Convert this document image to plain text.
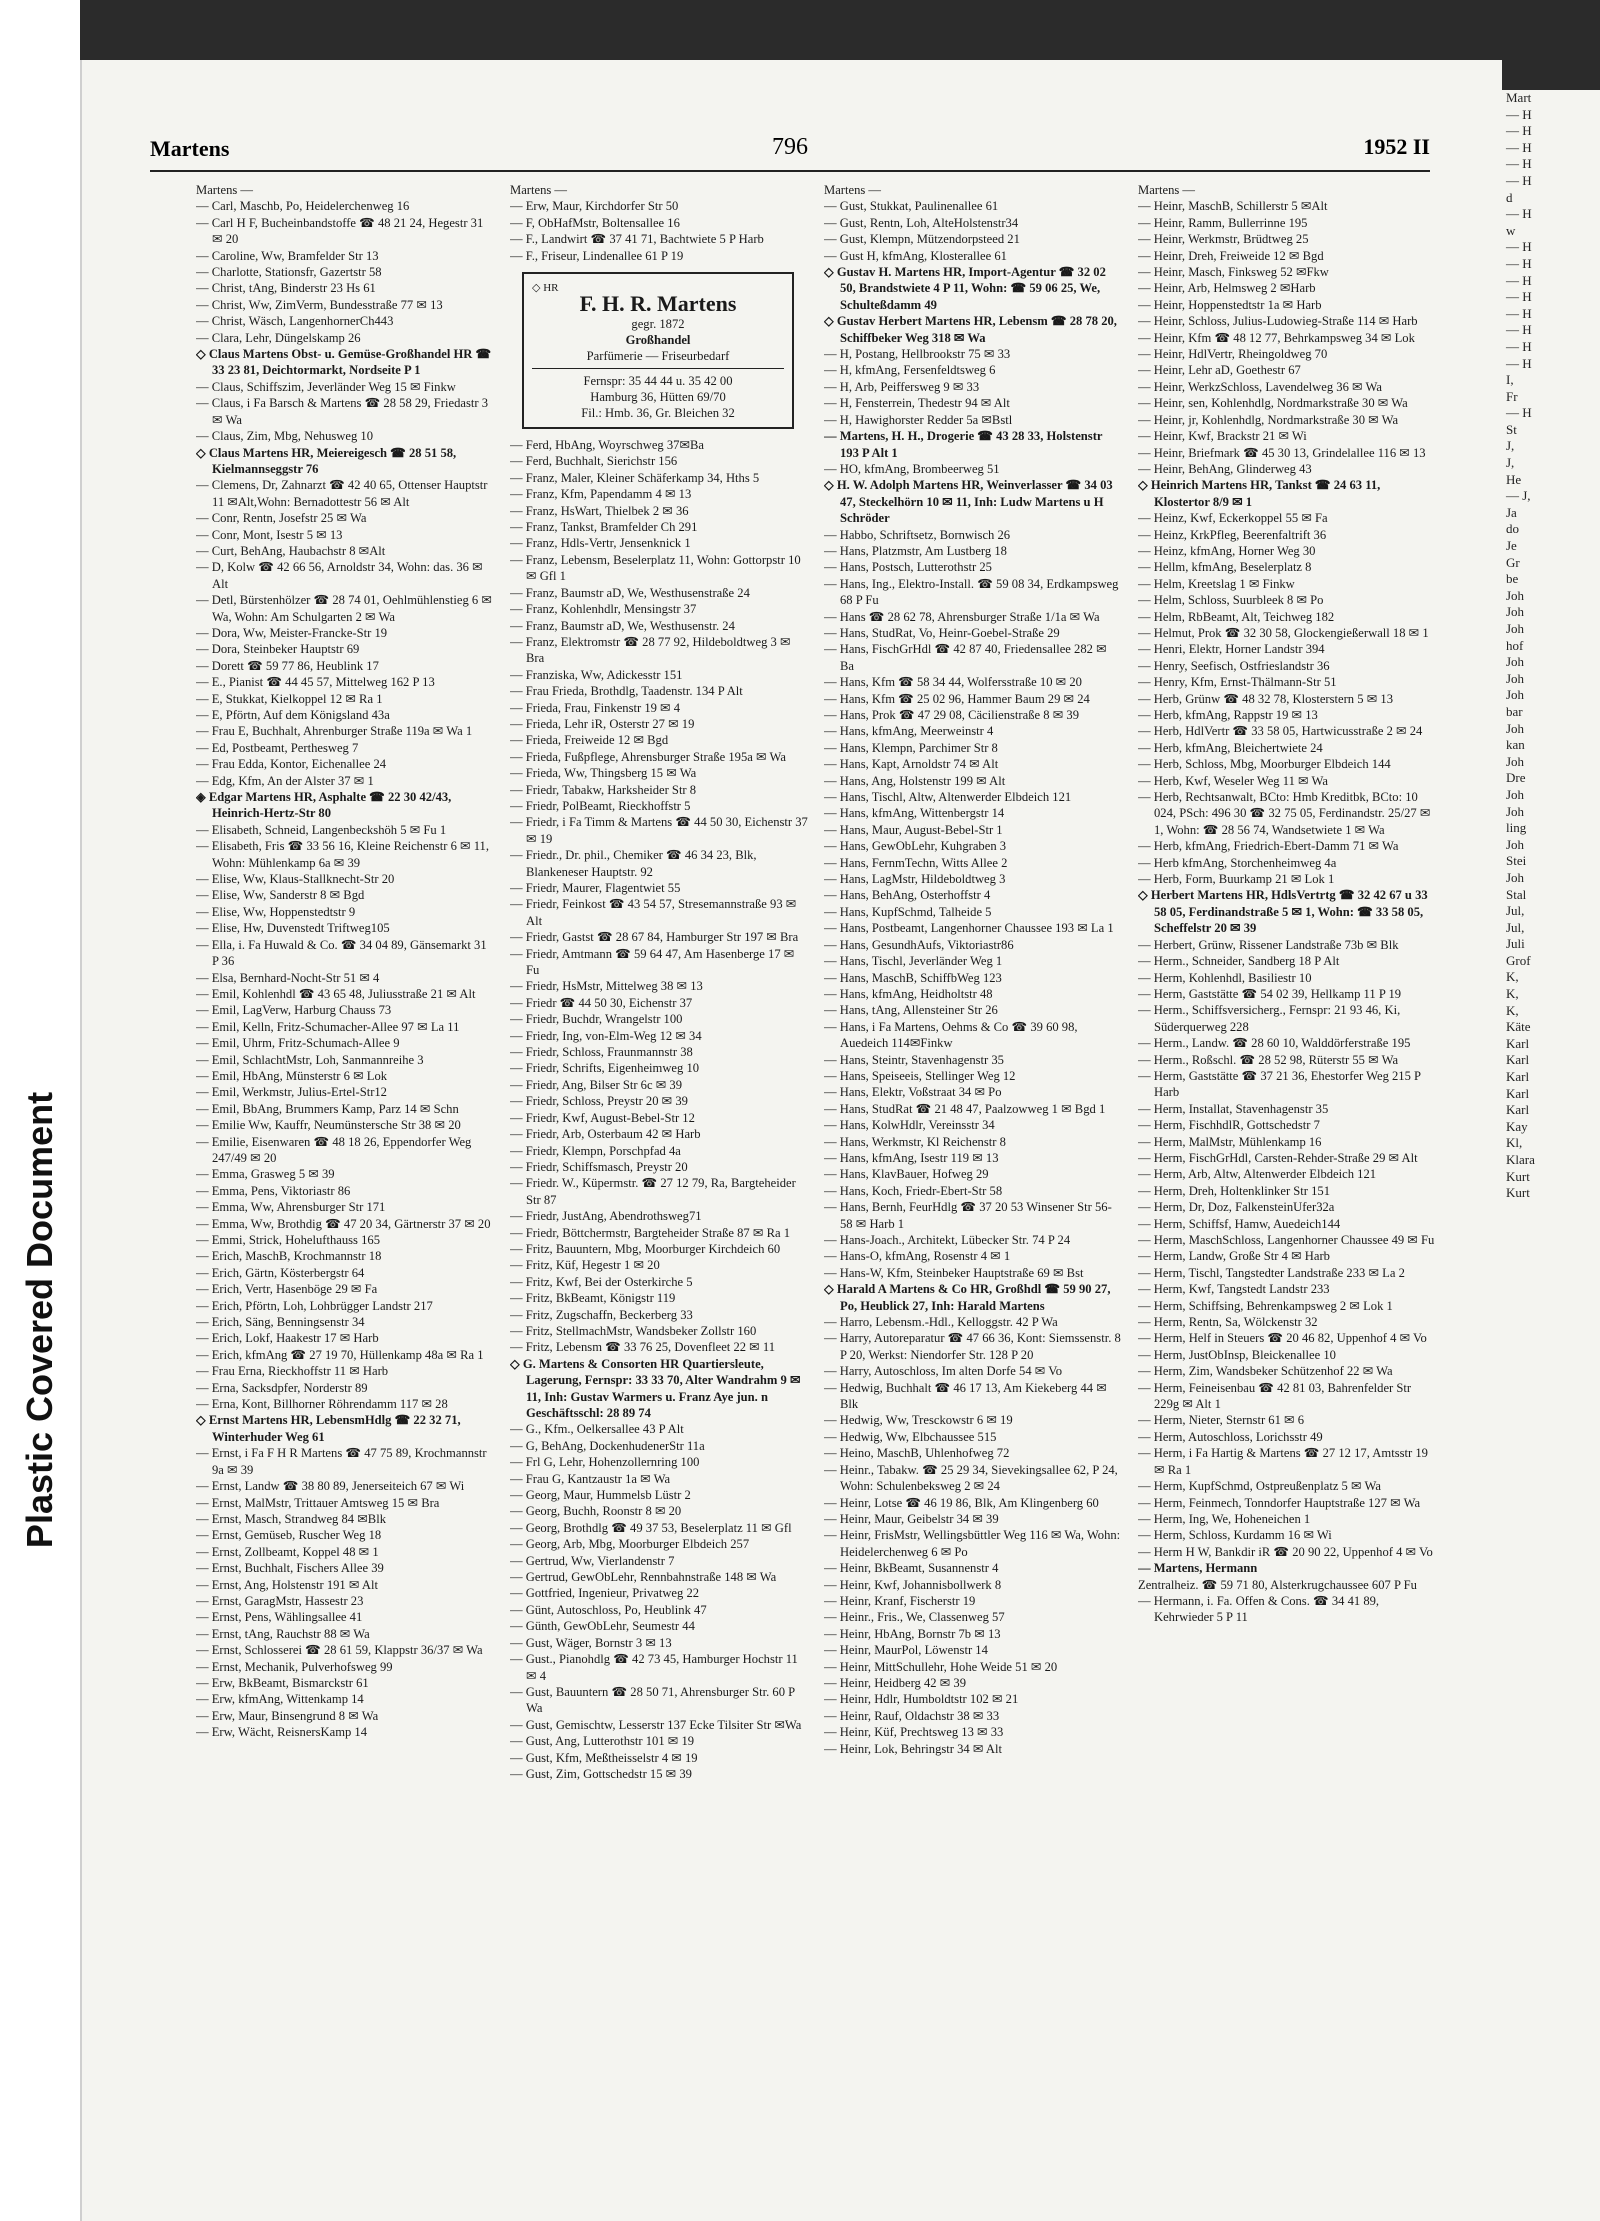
Plastic Covered Document
Mart
— H
— H
— H
— H
— H
d
— H
w
— H
— H
— H
— H
— H
— H
— H
— H
I,
Fr
— H
St
J,
J,
He
— J,
Ja
do
Je
Gr
be
Joh
Joh
Joh
hof
Joh
Joh
Joh
bar
Joh
kan
Joh
Dre
Joh
Joh
ling
Joh
Stei
Joh
Stal
Jul,
Jul,
Juli
Grof
K,
K,
K,
Käte
Karl
Karl
Karl
Karl
Karl
Kay
Kl,
Klara
Kurt
Kurt
Martens	796	1952 II
Martens —
— Carl, Maschb, Po, Heidelerchenweg 16
— Carl H F, Bucheinbandstoffe ☎ 48 21 24, Hegestr 31 ✉ 20
— Caroline, Ww, Bramfelder Str 13
— Charlotte, Stationsfr, Gazertstr 58
— Christ, tAng, Binderstr 23 Hs 61
— Christ, Ww, ZimVerm, Bundesstraße 77 ✉ 13
— Christ, Wäsch, LangenhornerCh443
— Clara, Lehr, Düngelskamp 26
◇ Claus Martens Obst- u. Gemüse-Großhandel HR ☎ 33 23 81, Deichtormarkt, Nordseite P 1
— Claus, Schiffszim, Jeverländer Weg 15 ✉ Finkw
— Claus, i Fa Barsch & Martens ☎ 28 58 29, Friedastr 3 ✉ Wa
— Claus, Zim, Mbg, Nehusweg 10
◇ Claus Martens HR, Meiereigesch ☎ 28 51 58, Kielmannseggstr 76
— Clemens, Dr, Zahnarzt ☎ 42 40 65, Ottenser Hauptstr 11 ✉Alt,Wohn: Bernadottestr 56 ✉ Alt
— Conr, Rentn, Josefstr 25 ✉ Wa
— Conr, Mont, Isestr 5 ✉ 13
— Curt, BehAng, Haubachstr 8 ✉Alt
— D, Kolw ☎ 42 66 56, Arnoldstr 34, Wohn: das. 36 ✉ Alt
— Detl, Bürstenhölzer ☎ 28 74 01, Oehlmühlenstieg 6 ✉ Wa, Wohn: Am Schulgarten 2 ✉ Wa
— Dora, Ww, Meister-Francke-Str 19
— Dora, Steinbeker Hauptstr 69
— Dorett ☎ 59 77 86, Heublink 17
— E., Pianist ☎ 44 45 57, Mittelweg 162 P 13
— E, Stukkat, Kielkoppel 12 ✉ Ra 1
— E, Pförtn, Auf dem Königsland 43a
— Frau E, Buchhalt, Ahrenburger Straße 119a ✉ Wa 1
— Ed, Postbeamt, Perthesweg 7
— Frau Edda, Kontor, Eichenallee 24
— Edg, Kfm, An der Alster 37 ✉ 1
◈ Edgar Martens HR, Asphalte ☎ 22 30 42/43, Heinrich-Hertz-Str 80
— Elisabeth, Schneid, Langenbeckshöh 5 ✉ Fu 1
— Elisabeth, Fris ☎ 33 56 16, Kleine Reichenstr 6 ✉ 11, Wohn: Mühlenkamp 6a ✉ 39
— Elise, Ww, Klaus-Stallknecht-Str 20
— Elise, Ww, Sanderstr 8 ✉ Bgd
— Elise, Ww, Hoppenstedtstr 9
— Elise, Hw, Duvenstedt Triftweg105
— Ella, i. Fa Huwald & Co. ☎ 34 04 89, Gänsemarkt 31 P 36
— Elsa, Bernhard-Nocht-Str 51 ✉ 4
— Emil, Kohlenhdl ☎ 43 65 48, Juliusstraße 21 ✉ Alt
— Emil, LagVerw, Harburg Chauss 73
— Emil, Kelln, Fritz-Schumacher-Allee 97 ✉ La 11
— Emil, Uhrm, Fritz-Schumach-Allee 9
— Emil, SchlachtMstr, Loh, Sanmannreihe 3
— Emil, HbAng, Münsterstr 6 ✉ Lok
— Emil, Werkmstr, Julius-Ertel-Str12
— Emil, BbAng, Brummers Kamp, Parz 14 ✉ Schn
— Emilie Ww, Kauffr, Neumünstersche Str 38 ✉ 20
— Emilie, Eisenwaren ☎ 48 18 26, Eppendorfer Weg 247/49 ✉ 20
— Emma, Grasweg 5 ✉ 39
— Emma, Pens, Viktoriastr 86
— Emma, Ww, Ahrensburger Str 171
— Emma, Ww, Brothdig ☎ 47 20 34, Gärtnerstr 37 ✉ 20
— Emmi, Strick, Hohelufthauss 165
— Erich, MaschB, Krochmannstr 18
— Erich, Gärtn, Kösterbergstr 64
— Erich, Vertr, Hasenböge 29 ✉ Fa
— Erich, Pförtn, Loh, Lohbrügger Landstr 217
— Erich, Säng, Benningsenstr 34
— Erich, Lokf, Haakestr 17 ✉ Harb
— Erich, kfmAng ☎ 27 19 70, Hüllenkamp 48a ✉ Ra 1
— Frau Erna, Rieckhoffstr 11 ✉ Harb
— Erna, Sacksdpfer, Norderstr 89
— Erna, Kont, Billhorner Röhrendamm 117 ✉ 28
◇ Ernst Martens HR, LebensmHdlg ☎ 22 32 71, Winterhuder Weg 61
— Ernst, i Fa F H R Martens ☎ 47 75 89, Krochmannstr 9a ✉ 39
— Ernst, Landw ☎ 38 80 89, Jenerseiteich 67 ✉ Wi
— Ernst, MalMstr, Trittauer Amtsweg 15 ✉ Bra
— Ernst, Masch, Strandweg 84 ✉Blk
— Ernst, Gemüseb, Ruscher Weg 18
— Ernst, Zollbeamt, Koppel 48 ✉ 1
— Ernst, Buchhalt, Fischers Allee 39
— Ernst, Ang, Holstenstr 191 ✉ Alt
— Ernst, GaragMstr, Hassestr 23
— Ernst, Pens, Wählingsallee 41
— Ernst, tAng, Rauchstr 88 ✉ Wa
— Ernst, Schlosserei ☎ 28 61 59, Klappstr 36/37 ✉ Wa
— Ernst, Mechanik, Pulverhofsweg 99
— Erw, BkBeamt, Bismarckstr 61
— Erw, kfmAng, Wittenkamp 14
— Erw, Maur, Binsengrund 8 ✉ Wa
— Erw, Wächt, ReisnersKamp 14
Martens —
— Erw, Maur, Kirchdorfer Str 50
— F, ObHafMstr, Boltensallee 16
— F., Landwirt ☎ 37 41 71, Bachtwiete 5 P Harb
— F., Friseur, Lindenallee 61 P 19
◇ HR
F. H. R. Martens
gegr. 1872
Großhandel
Parfümerie — Friseurbedarf
Fernspr: 35 44 44 u. 35 42 00
Hamburg 36, Hütten 69/70
Fil.: Hmb. 36, Gr. Bleichen 32
— Ferd, HbAng, Woyrschweg 37✉Ba
— Ferd, Buchhalt, Sierichstr 156
— Franz, Maler, Kleiner Schäferkamp 34, Hths 5
— Franz, Kfm, Papendamm 4 ✉ 13
— Franz, HsWart, Thielbek 2 ✉ 36
— Franz, Tankst, Bramfelder Ch 291
— Franz, Hdls-Vertr, Jensenknick 1
— Franz, Lebensm, Beselerplatz 11, Wohn: Gottorpstr 10 ✉ Gfl 1
— Franz, Baumstr aD, We, Westhusenstraße 24
— Franz, Kohlenhdlr, Mensingstr 37
— Franz, Baumstr aD, We, Westhusenstr. 24
— Franz, Elektromstr ☎ 28 77 92, Hildeboldtweg 3 ✉ Bra
— Franziska, Ww, Adickesstr 151
— Frau Frieda, Brothdlg, Taadenstr. 134 P Alt
— Frieda, Frau, Finkenstr 19 ✉ 4
— Frieda, Lehr iR, Osterstr 27 ✉ 19
— Frieda, Freiweide 12 ✉ Bgd
— Frieda, Fußpflege, Ahrensburger Straße 195a ✉ Wa
— Frieda, Ww, Thingsberg 15 ✉ Wa
— Friedr, Tabakw, Harksheider Str 8
— Friedr, PolBeamt, Rieckhoffstr 5
— Friedr, i Fa Timm & Martens ☎ 44 50 30, Eichenstr 37 ✉ 19
— Friedr., Dr. phil., Chemiker ☎ 46 34 23, Blk, Blankeneser Hauptstr. 92
— Friedr, Maurer, Flagentwiet 55
— Friedr, Feinkost ☎ 43 54 57, Stresemannstraße 93 ✉ Alt
— Friedr, Gastst ☎ 28 67 84, Hamburger Str 197 ✉ Bra
— Friedr, Amtmann ☎ 59 64 47, Am Hasenberge 17 ✉ Fu
— Friedr, HsMstr, Mittelweg 38 ✉ 13
— Friedr ☎ 44 50 30, Eichenstr 37
— Friedr, Buchdr, Wrangelstr 100
— Friedr, Ing, von-Elm-Weg 12 ✉ 34
— Friedr, Schloss, Fraunmannstr 38
— Friedr, Schrifts, Eigenheimweg 10
— Friedr, Ang, Bilser Str 6c ✉ 39
— Friedr, Schloss, Preystr 20 ✉ 39
— Friedr, Kwf, August-Bebel-Str 12
— Friedr, Arb, Osterbaum 42 ✉ Harb
— Friedr, Klempn, Porschpfad 4a
— Friedr, Schiffsmasch, Preystr 20
— Friedr. W., Küpermstr. ☎ 27 12 79, Ra, Bargteheider Str 87
— Friedr, JustAng, Abendrothsweg71
— Friedr, Böttchermstr, Bargteheider Straße 87 ✉ Ra 1
— Fritz, Bauuntern, Mbg, Moorburger Kirchdeich 60
— Fritz, Küf, Hegestr 1 ✉ 20
— Fritz, Kwf, Bei der Osterkirche 5
— Fritz, BkBeamt, Königstr 119
— Fritz, Zugschaffn, Beckerberg 33
— Fritz, StellmachMstr, Wandsbeker Zollstr 160
— Fritz, Lebensm ☎ 33 76 25, Dovenfleet 22 ✉ 11
◇ G. Martens & Consorten HR Quartiersleute, Lagerung, Fernspr: 33 33 70, Alter Wandrahm 9 ✉ 11, Inh: Gustav Warmers u. Franz Aye jun. n Geschäftsschl: 28 89 74
— G., Kfm., Oelkersallee 43 P Alt
— G, BehAng, DockenhudenerStr 11a
— Frl G, Lehr, Hohenzollernring 100
— Frau G, Kantzaustr 1a ✉ Wa
— Georg, Maur, Hummelsb Lüstr 2
— Georg, Buchh, Roonstr 8 ✉ 20
— Georg, Brothdlg ☎ 49 37 53, Beselerplatz 11 ✉ Gfl
— Georg, Arb, Mbg, Moorburger Elbdeich 257
— Gertrud, Ww, Vierlandenstr 7
— Gertrud, GewObLehr, Rennbahnstraße 148 ✉ Wa
— Gottfried, Ingenieur, Privatweg 22
— Günt, Autoschloss, Po, Heublink 47
— Günth, GewObLehr, Seumestr 44
— Gust, Wäger, Bornstr 3 ✉ 13
— Gust., Pianohdlg ☎ 42 73 45, Hamburger Hochstr 11 ✉ 4
— Gust, Bauuntern ☎ 28 50 71, Ahrensburger Str. 60 P Wa
— Gust, Gemischtw, Lesserstr 137 Ecke Tilsiter Str ✉Wa
— Gust, Ang, Lutterothstr 101 ✉ 19
— Gust, Kfm, Meßtheisselstr 4 ✉ 19
— Gust, Zim, Gottschedstr 15 ✉ 39
Martens —
— Gust, Stukkat, Paulinenallee 61
— Gust, Rentn, Loh, AlteHolstenstr34
— Gust, Klempn, Mützendorpsteed 21
— Gust H, kfmAng, Klosterallee 61
◇ Gustav H. Martens HR, Import-Agentur ☎ 32 02 50, Brandstwiete 4 P 11, Wohn: ☎ 59 06 25, We, Schulteßdamm 49
◇ Gustav Herbert Martens HR, Lebensm ☎ 28 78 20, Schiffbeker Weg 318 ✉ Wa
— H, Postang, Hellbrookstr 75 ✉ 33
— H, kfmAng, Fersenfeldtsweg 6
— H, Arb, Peiffersweg 9 ✉ 33
— H, Fensterrein, Thedestr 94 ✉ Alt
— H, Hawighorster Redder 5a ✉Bstl
— Martens, H. H., Drogerie ☎ 43 28 33, Holstenstr 193 P Alt 1
— HO, kfmAng, Brombeerweg 51
◇ H. W. Adolph Martens HR, Weinverlasser ☎ 34 03 47, Steckelhörn 10 ✉ 11, Inh: Ludw Martens u H Schröder
— Habbo, Schriftsetz, Bornwisch 26
— Hans, Platzmstr, Am Lustberg 18
— Hans, Postsch, Lutterothstr 25
— Hans, Ing., Elektro-Install. ☎ 59 08 34, Erdkampsweg 68 P Fu
— Hans ☎ 28 62 78, Ahrensburger Straße 1/1a ✉ Wa
— Hans, StudRat, Vo, Heinr-Goebel-Straße 29
— Hans, FischGrHdl ☎ 42 87 40, Friedensallee 282 ✉ Ba
— Hans, Kfm ☎ 58 34 44, Wolfersstraße 10 ✉ 20
— Hans, Kfm ☎ 25 02 96, Hammer Baum 29 ✉ 24
— Hans, Prok ☎ 47 29 08, Cäcilienstraße 8 ✉ 39
— Hans, kfmAng, Meerweinstr 4
— Hans, Klempn, Parchimer Str 8
— Hans, Kapt, Arnoldstr 74 ✉ Alt
— Hans, Ang, Holstenstr 199 ✉ Alt
— Hans, Tischl, Altw, Altenwerder Elbdeich 121
— Hans, kfmAng, Wittenbergstr 14
— Hans, Maur, August-Bebel-Str 1
— Hans, GewObLehr, Kuhgraben 3
— Hans, FernmTechn, Witts Allee 2
— Hans, LagMstr, Hildeboldtweg 3
— Hans, BehAng, Osterhoffstr 4
— Hans, KupfSchmd, Talheide 5
— Hans, Postbeamt, Langenhorner Chaussee 193 ✉ La 1
— Hans, GesundhAufs, Viktoriastr86
— Hans, Tischl, Jeverländer Weg 1
— Hans, MaschB, SchiffbWeg 123
— Hans, kfmAng, Heidholtstr 48
— Hans, tAng, Allensteiner Str 26
— Hans, i Fa Martens, Oehms & Co ☎ 39 60 98, Auedeich 114✉Finkw
— Hans, Steintr, Stavenhagenstr 35
— Hans, Speiseeis, Stellinger Weg 12
— Hans, Elektr, Voßstraat 34 ✉ Po
— Hans, StudRat ☎ 21 48 47, Paalzowweg 1 ✉ Bgd 1
— Hans, KolwHdlr, Vereinsstr 34
— Hans, Werkmstr, Kl Reichenstr 8
— Hans, kfmAng, Isestr 119 ✉ 13
— Hans, KlavBauer, Hofweg 29
— Hans, Koch, Friedr-Ebert-Str 58
— Hans, Bernh, FeurHdlg ☎ 37 20 53 Winsener Str 56-58 ✉ Harb 1
— Hans-Joach., Architekt, Lübecker Str. 74 P 24
— Hans-O, kfmAng, Rosenstr 4 ✉ 1
— Hans-W, Kfm, Steinbeker Hauptstraße 69 ✉ Bst
◇ Harald A Martens & Co HR, Großhdl ☎ 59 90 27, Po, Heublick 27, Inh: Harald Martens
— Harro, Lebensm.-Hdl., Kelloggstr. 42 P Wa
— Harry, Autoreparatur ☎ 47 66 36, Kont: Siemssenstr. 8 P 20, Werkst: Niendorfer Str. 128 P 20
— Harry, Autoschloss, Im alten Dorfe 54 ✉ Vo
— Hedwig, Buchhalt ☎ 46 17 13, Am Kiekeberg 44 ✉ Blk
— Hedwig, Ww, Tresckowstr 6 ✉ 19
— Hedwig, Ww, Elbchaussee 515
— Heino, MaschB, Uhlenhofweg 72
— Heinr., Tabakw. ☎ 25 29 34, Sievekingsallee 62, P 24, Wohn: Schulenbeksweg 2 ✉ 24
— Heinr, Lotse ☎ 46 19 86, Blk, Am Klingenberg 60
— Heinr, Maur, Geibelstr 34 ✉ 39
— Heinr, FrisMstr, Wellingsbüttler Weg 116 ✉ Wa, Wohn: Heidelerchenweg 6 ✉ Po
— Heinr, BkBeamt, Susannenstr 4
— Heinr, Kwf, Johannisbollwerk 8
— Heinr, Kranf, Fischerstr 19
— Heinr., Fris., We, Classenweg 57
— Heinr, HbAng, Bornstr 7b ✉ 13
— Heinr, MaurPol, Löwenstr 14
— Heinr, MittSchullehr, Hohe Weide 51 ✉ 20
— Heinr, Heidberg 42 ✉ 39
— Heinr, Hdlr, Humboldtstr 102 ✉ 21
— Heinr, Rauf, Oldachstr 38 ✉ 33
— Heinr, Küf, Prechtsweg 13 ✉ 33
— Heinr, Lok, Behringstr 34 ✉ Alt
Martens —
— Heinr, MaschB, Schillerstr 5 ✉Alt
— Heinr, Ramm, Bullerrinne 195
— Heinr, Werkmstr, Brüdtweg 25
— Heinr, Dreh, Freiweide 12 ✉ Bgd
— Heinr, Masch, Finksweg 52 ✉Fkw
— Heinr, Arb, Helmsweg 2 ✉Harb
— Heinr, Hoppenstedtstr 1a ✉ Harb
— Heinr, Schloss, Julius-Ludowieg-Straße 114 ✉ Harb
— Heinr, Kfm ☎ 48 12 77, Behrkampsweg 34 ✉ Lok
— Heinr, HdlVertr, Rheingoldweg 70
— Heinr, Lehr aD, Goethestr 67
— Heinr, WerkzSchloss, Lavendelweg 36 ✉ Wa
— Heinr, sen, Kohlenhdlg, Nordmarkstraße 30 ✉ Wa
— Heinr, jr, Kohlenhdlg, Nordmarkstraße 30 ✉ Wa
— Heinr, Kwf, Brackstr 21 ✉ Wi
— Heinr, Briefmark ☎ 45 30 13, Grindelallee 116 ✉ 13
— Heinr, BehAng, Glinderweg 43
◇ Heinrich Martens HR, Tankst ☎ 24 63 11, Klostertor 8/9 ✉ 1
— Heinz, Kwf, Eckerkoppel 55 ✉ Fa
— Heinz, KrkPfleg, Beerenfaltrift 36
— Heinz, kfmAng, Horner Weg 30
— Hellm, kfmAng, Beselerplatz 8
— Helm, Kreetslag 1 ✉ Finkw
— Helm, Schloss, Suurbleek 8 ✉ Po
— Helm, RbBeamt, Alt, Teichweg 182
— Helmut, Prok ☎ 32 30 58, Glockengießerwall 18 ✉ 1
— Henri, Elektr, Horner Landstr 394
— Henry, Seefisch, Ostfrieslandstr 36
— Henry, Kfm, Ernst-Thälmann-Str 51
— Herb, Grünw ☎ 48 32 78, Klosterstern 5 ✉ 13
— Herb, kfmAng, Rappstr 19 ✉ 13
— Herb, HdlVertr ☎ 33 58 05, Hartwicusstraße 2 ✉ 24
— Herb, kfmAng, Bleichertwiete 24
— Herb, Schloss, Mbg, Moorburger Elbdeich 144
— Herb, Kwf, Weseler Weg 11 ✉ Wa
— Herb, Rechtsanwalt, BCto: Hmb Kreditbk, BCto: 10 024, PSch: 496 30 ☎ 32 75 05, Ferdinandstr. 25/27 ✉ 1, Wohn: ☎ 28 56 74, Wandsetwiete 1 ✉ Wa
— Herb, kfmAng, Friedrich-Ebert-Damm 71 ✉ Wa
— Herb kfmAng, Storchenheimweg 4a
— Herb, Form, Buurkamp 21 ✉ Lok 1
◇ Herbert Martens HR, HdlsVertrtg ☎ 32 42 67 u 33 58 05, Ferdinandstraße 5 ✉ 1, Wohn: ☎ 33 58 05, Scheffelstr 20 ✉ 39
— Herbert, Grünw, Rissener Landstraße 73b ✉ Blk
— Herm., Schneider, Sandberg 18 P Alt
— Herm, Kohlenhdl, Basiliestr 10
— Herm, Gaststätte ☎ 54 02 39, Hellkamp 11 P 19
— Herm., Schiffsversicherg., Fernspr: 21 93 46, Ki, Süderquerweg 228
— Herm., Landw. ☎ 28 60 10, Walddörferstraße 195
— Herm., Roßschl. ☎ 28 52 98, Rüterstr 55 ✉ Wa
— Herm, Gaststätte ☎ 37 21 36, Ehestorfer Weg 215 P Harb
— Herm, Installat, Stavenhagenstr 35
— Herm, FischhdlR, Gottschedstr 7
— Herm, MalMstr, Mühlenkamp 16
— Herm, FischGrHdl, Carsten-Rehder-Straße 29 ✉ Alt
— Herm, Arb, Altw, Altenwerder Elbdeich 121
— Herm, Dreh, Holtenklinker Str 151
— Herm, Dr, Doz, FalkensteinUfer32a
— Herm, Schiffsf, Hamw, Auedeich144
— Herm, MaschSchloss, Langenhorner Chaussee 49 ✉ Fu
— Herm, Landw, Große Str 4 ✉ Harb
— Herm, Tischl, Tangstedter Landstraße 233 ✉ La 2
— Herm, Kwf, Tangstedt Landstr 233
— Herm, Schiffsing, Behrenkampsweg 2 ✉ Lok 1
— Herm, Rentn, Sa, Wölckenstr 32
— Herm, Helf in Steuers ☎ 20 46 82, Uppenhof 4 ✉ Vo
— Herm, JustObInsp, Bleickenallee 10
— Herm, Zim, Wandsbeker Schützenhof 22 ✉ Wa
— Herm, Feineisenbau ☎ 42 81 03, Bahrenfelder Str 229g ✉ Alt 1
— Herm, Nieter, Sternstr 61 ✉ 6
— Herm, Autoschloss, Lorichsstr 49
— Herm, i Fa Hartig & Martens ☎ 27 12 17, Amtsstr 19 ✉ Ra 1
— Herm, KupfSchmd, Ostpreußenplatz 5 ✉ Wa
— Herm, Feinmech, Tonndorfer Hauptstraße 127 ✉ Wa
— Herm, Ing, We, Hoheneichen 1
— Herm, Schloss, Kurdamm 16 ✉ Wi
— Herm H W, Bankdir iR ☎ 20 90 22, Uppenhof 4 ✉ Vo
— Martens, Hermann
Zentralheiz. ☎ 59 71 80, Alsterkrugchaussee 607 P Fu
— Hermann, i. Fa. Offen & Cons. ☎ 34 41 89, Kehrwieder 5 P 11
